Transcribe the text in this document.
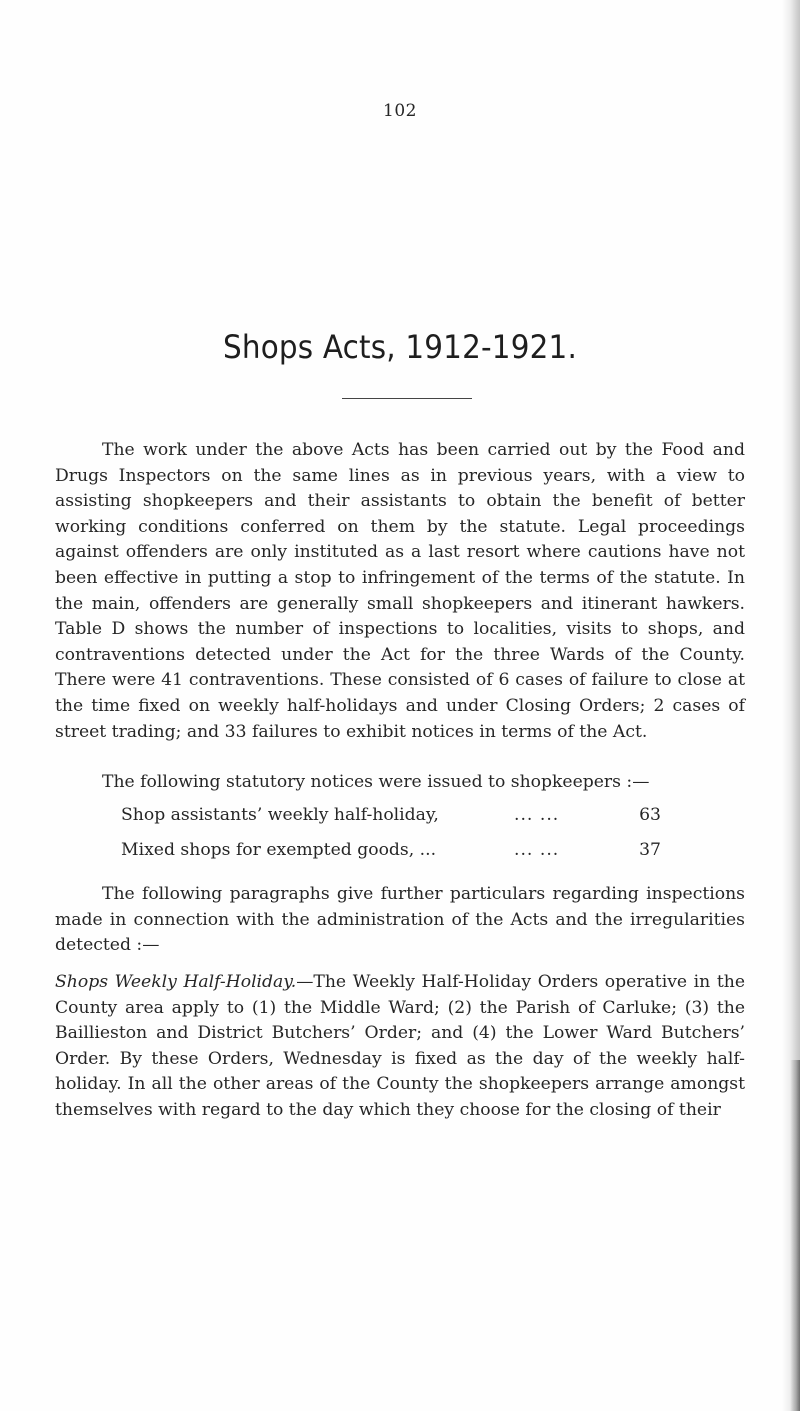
102
Shops Acts, 1912-1921.
The work under the above Acts has been carried out by the Food and Drugs Inspectors on the same lines as in previous years, with a view to assisting shopkeepers and their assistants to obtain the benefit of better working conditions conferred on them by the statute. Legal proceedings against offenders are only instituted as a last resort where cautions have not been effective in putting a stop to infringement of the terms of the statute. In the main, offenders are generally small shopkeepers and itinerant hawkers. Table D shows the number of inspections to localities, visits to shops, and contraventions detected under the Act for the three Wards of the County. There were 41 contraventions. These consisted of 6 cases of failure to close at the time fixed on weekly half-holidays and under Closing Orders; 2 cases of street trading; and 33 failures to exhibit notices in terms of the Act.
The following statutory notices were issued to shopkeepers :—
Shop assistants’ weekly half-holiday,	... ...	63
Mixed shops for exempted goods, ...	... ...	37
The following paragraphs give further particulars regarding inspections made in connection with the administration of the Acts and the irregularities detected :—
Shops Weekly Half-Holiday.—The Weekly Half-Holiday Orders operative in the County area apply to (1) the Middle Ward; (2) the Parish of Carluke; (3) the Baillieston and District Butchers’ Order; and (4) the Lower Ward Butchers’ Order. By these Orders, Wednesday is fixed as the day of the weekly half-holiday. In all the other areas of the County the shopkeepers arrange amongst themselves with regard to the day which they choose for the closing of their
